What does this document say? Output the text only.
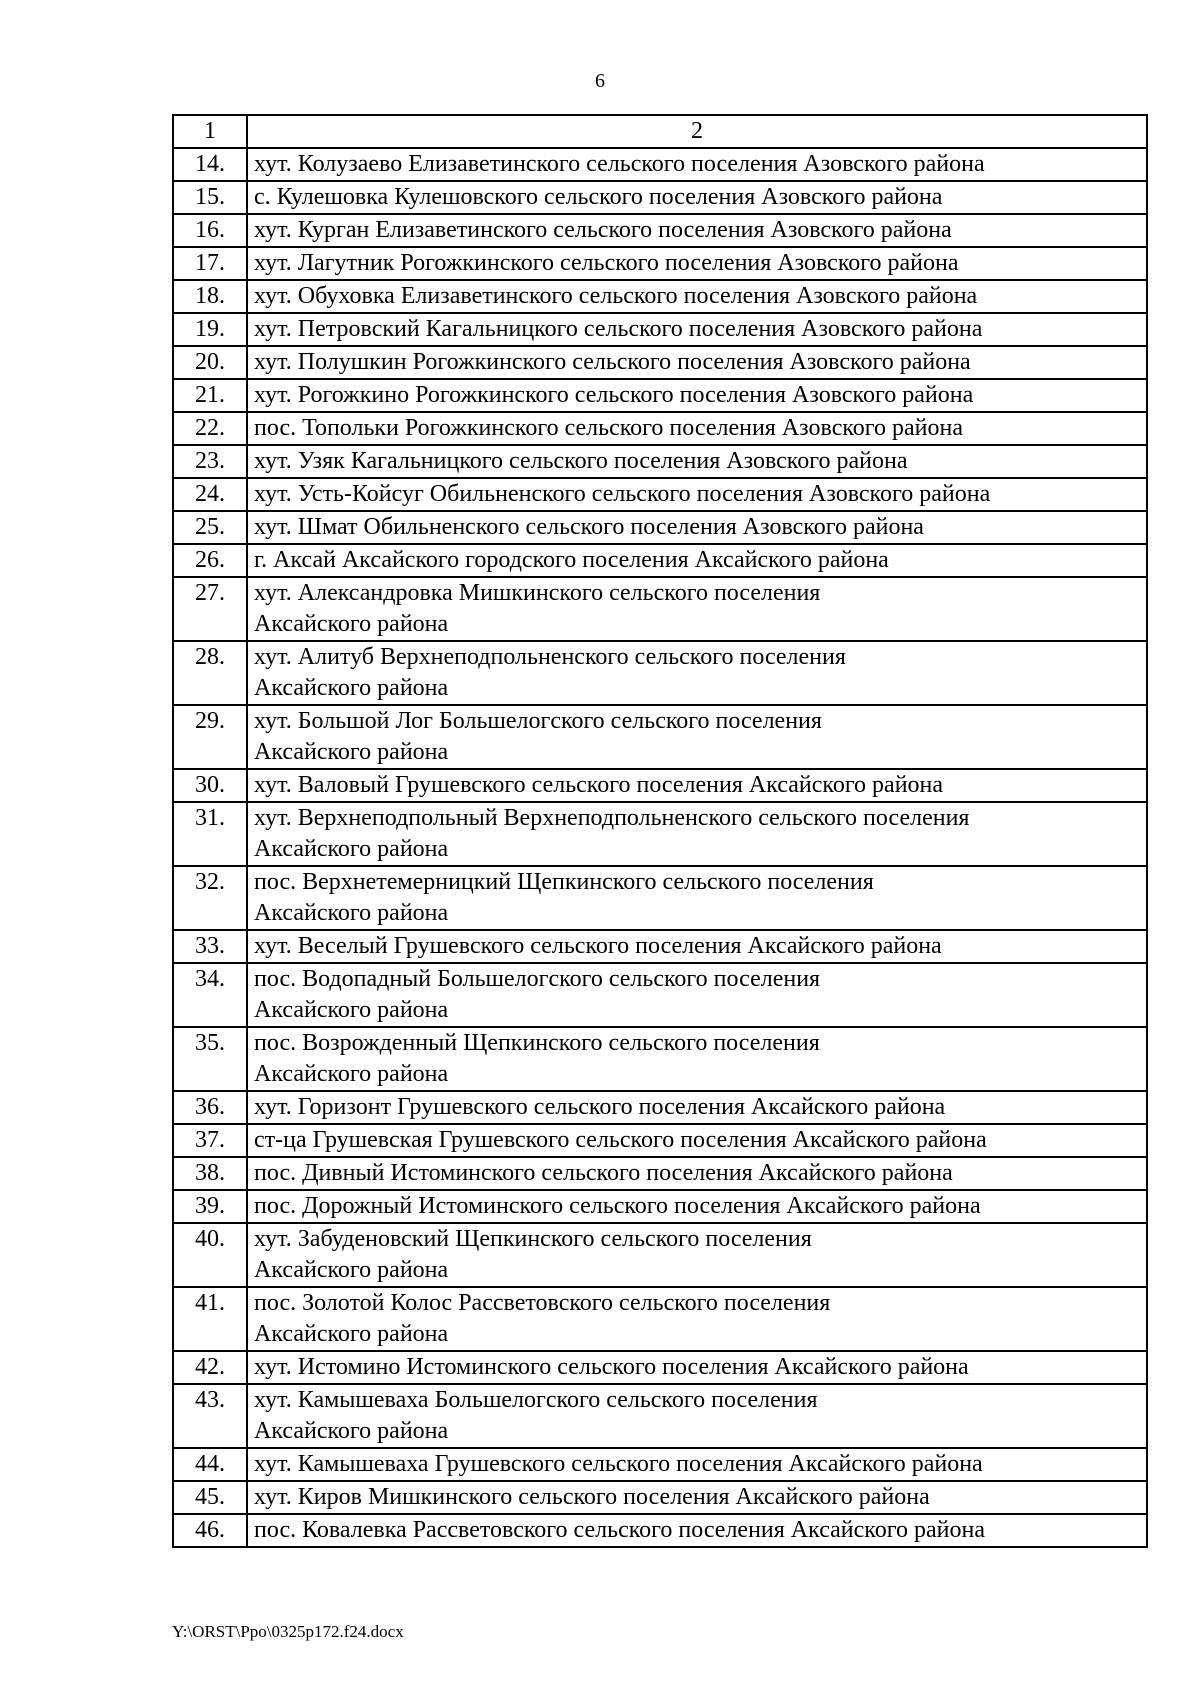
6
1	2
14.	хут. Колузаево Елизаветинского сельского поселения Азовского района

15.	с. Кулешовка Кулешовского сельского поселения Азовского района

16.	хут. Курган Елизаветинского сельского поселения Азовского района

17.	хут. Лагутник Рогожкинского сельского поселения Азовского района

18.	хут. Обуховка Елизаветинского сельского поселения Азовского района

19.	хут. Петровский Кагальницкого сельского поселения Азовского района

20.	хут. Полушкин Рогожкинского сельского поселения Азовского района

21.	хут. Рогожкино Рогожкинского сельского поселения Азовского района

22.	пос. Топольки Рогожкинского сельского поселения Азовского района

23.	хут. Узяк Кагальницкого сельского поселения Азовского района

24.	хут. Усть-Койсуг Обильненского сельского поселения Азовского района

25.	хут. Шмат Обильненского сельского поселения Азовского района

26.	г. Аксай Аксайского городского поселения Аксайского района

27.	хут. Александровка Мишкинского сельского поселения
Аксайского района

28.	хут. Алитуб Верхнеподпольненского сельского поселения
Аксайского района

29.	хут. Большой Лог Большелогского сельского поселения
Аксайского района

30.	хут. Валовый Грушевского сельского поселения Аксайского района

31.	хут. Верхнеподпольный Верхнеподпольненского сельского поселения
Аксайского района

32.	пос. Верхнетемерницкий Щепкинского сельского поселения
Аксайского района

33.	хут. Веселый Грушевского сельского поселения Аксайского района

34.	пос. Водопадный Большелогского сельского поселения
Аксайского района

35.	пос. Возрожденный Щепкинского сельского поселения
Аксайского района

36.	хут. Горизонт Грушевского сельского поселения Аксайского района

37.	ст-ца Грушевская Грушевского сельского поселения Аксайского района

38.	пос. Дивный Истоминского сельского поселения Аксайского района

39.	пос. Дорожный Истоминского сельского поселения Аксайского района

40.	хут. Забуденовский Щепкинского сельского поселения
Аксайского района

41.	пос. Золотой Колос Рассветовского сельского поселения
Аксайского района

42.	хут. Истомино Истоминского сельского поселения Аксайского района

43.	хут. Камышеваха Большелогского сельского поселения
Аксайского района

44.	хут. Камышеваха Грушевского сельского поселения Аксайского района

45.	хут. Киров Мишкинского сельского поселения Аксайского района

46.	пос. Ковалевка Рассветовского сельского поселения Аксайского района
Y:\ORST\Ppo\0325p172.f24.docx
